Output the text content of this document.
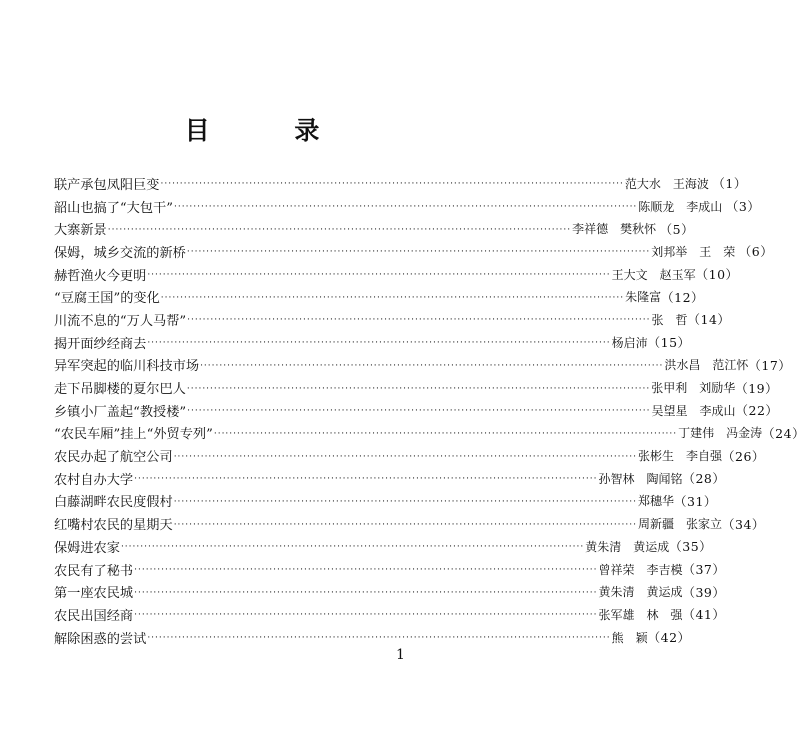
目 录
联产承包凤阳巨变 ························································································································ 范大水　王海波 （1）
韶山也搞了“大包干” ························································································································ 陈顺龙　李成山 （3）
大寨新景 ························································································································ 李祥德　樊秋怀 （5）
保姆，城乡交流的新桥 ························································································································ 刘邦举　王　荣 （6）
赫哲渔火今更明 ························································································································ 王大文　赵玉军 （10）
“豆腐王国”的变化 ························································································································ 朱隆富 （12）
川流不息的“万人马帮” ························································································································ 张　哲 （14）
揭开面纱经商去 ························································································································ 杨启沛 （15）
异军突起的临川科技市场 ························································································································ 洪水昌　范江怀 （17）
走下吊脚楼的夏尔巴人 ························································································································ 张甲利　刘励华 （19）
乡镇小厂盖起“教授楼” ························································································································ 吴望星　李成山 （22）
“农民车厢”挂上“外贸专列” ························································································································ 丁建伟　冯金涛 （24）
农民办起了航空公司 ························································································································ 张彬生　李自强 （26）
农村自办大学 ························································································································ 孙智林　陶闻铭 （28）
白藤湖畔农民度假村 ························································································································ 郑穗华 （31）
红嘴村农民的星期天 ························································································································ 周新疆　张家立 （34）
保姆进农家 ························································································································ 黄朱清　黄运成 （35）
农民有了秘书 ························································································································ 曾祥荣　李吉模 （37）
第一座农民城 ························································································································ 黄朱清　黄运成 （39）
农民出国经商 ························································································································ 张军雄　林　强 （41）
解除困惑的尝试 ························································································································ 熊　颖 （42）
1
